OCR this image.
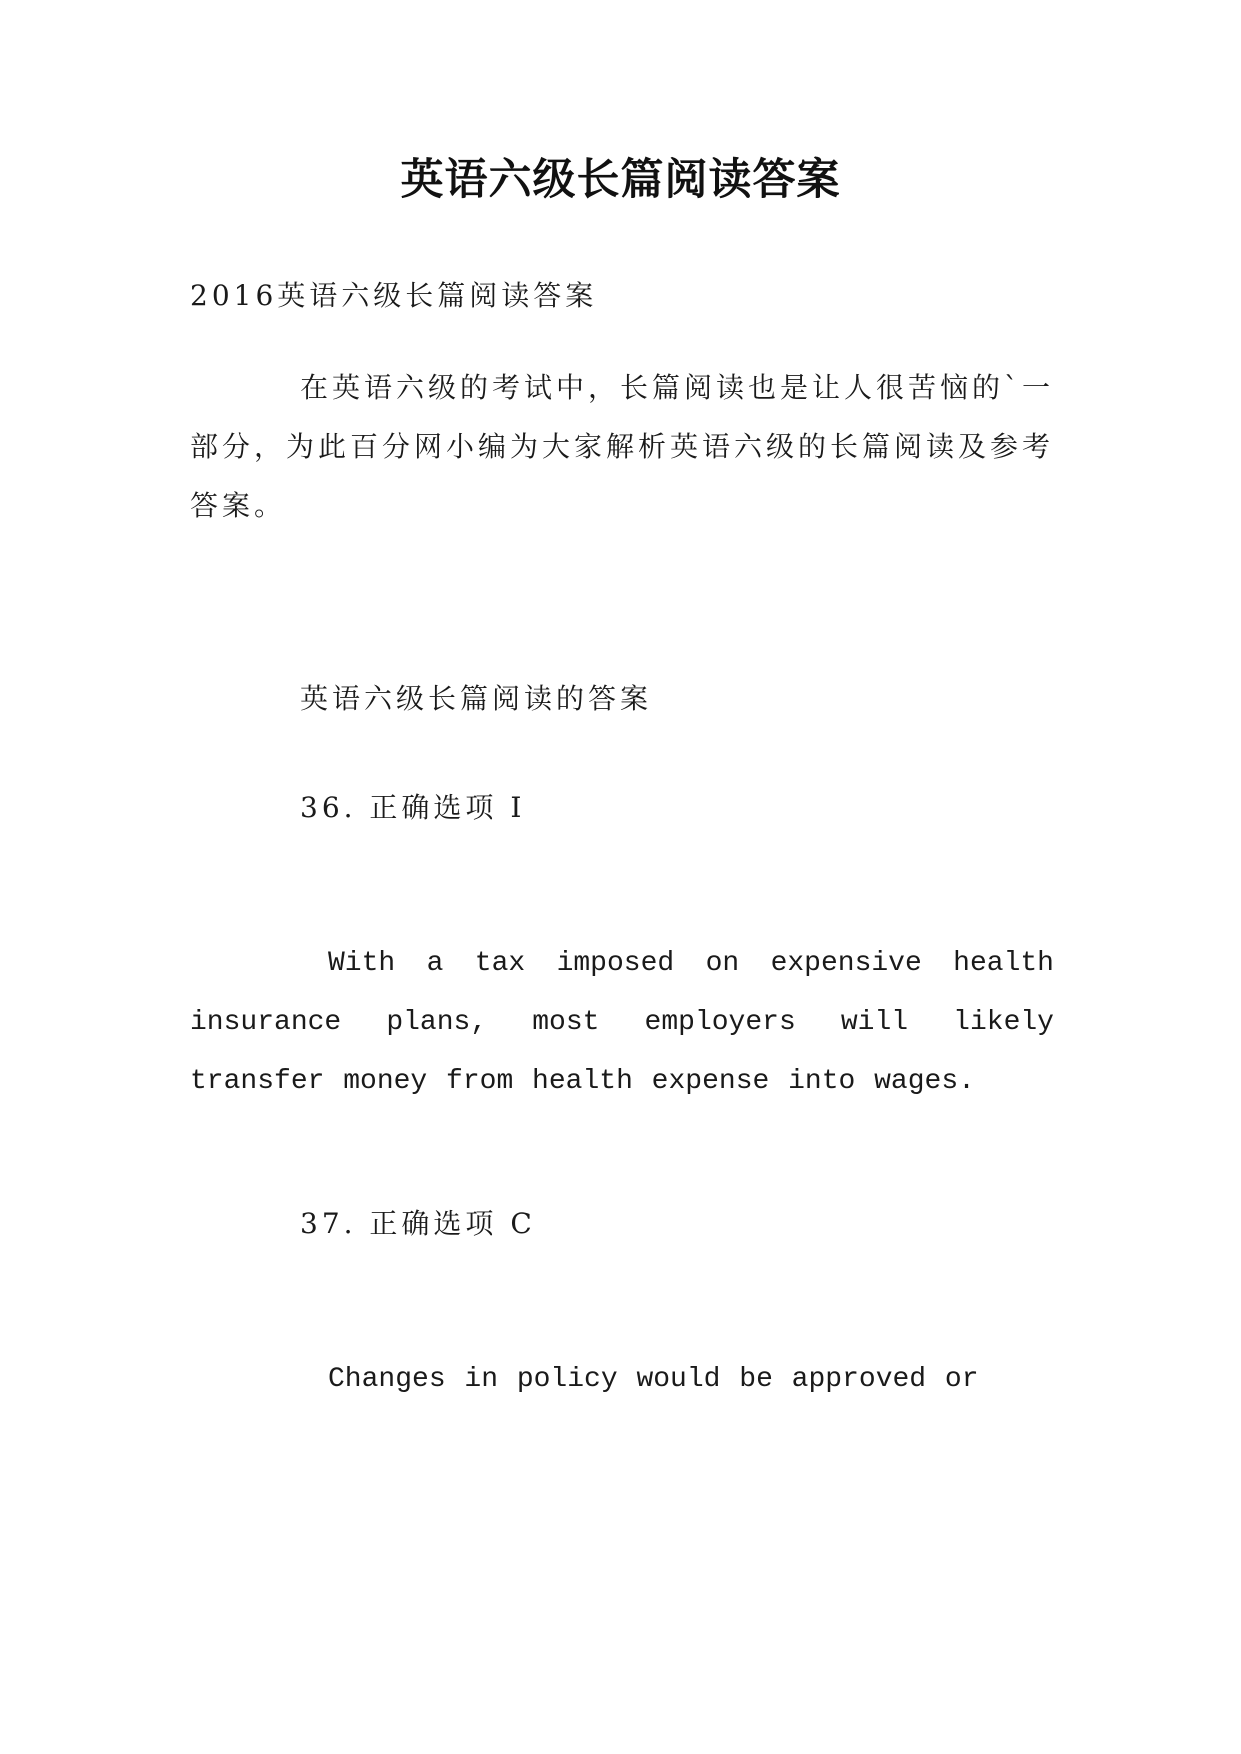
英语六级长篇阅读答案
2016英语六级长篇阅读答案
在英语六级的考试中，长篇阅读也是让人很苦恼的`一部分，为此百分网小编为大家解析英语六级的长篇阅读及参考答案。
英语六级长篇阅读的答案
36. 正确选项 I
With a tax imposed on expensive health insurance plans, most employers will likely transfer money from health expense into wages.
37. 正确选项 C
Changes in policy would be approved or
